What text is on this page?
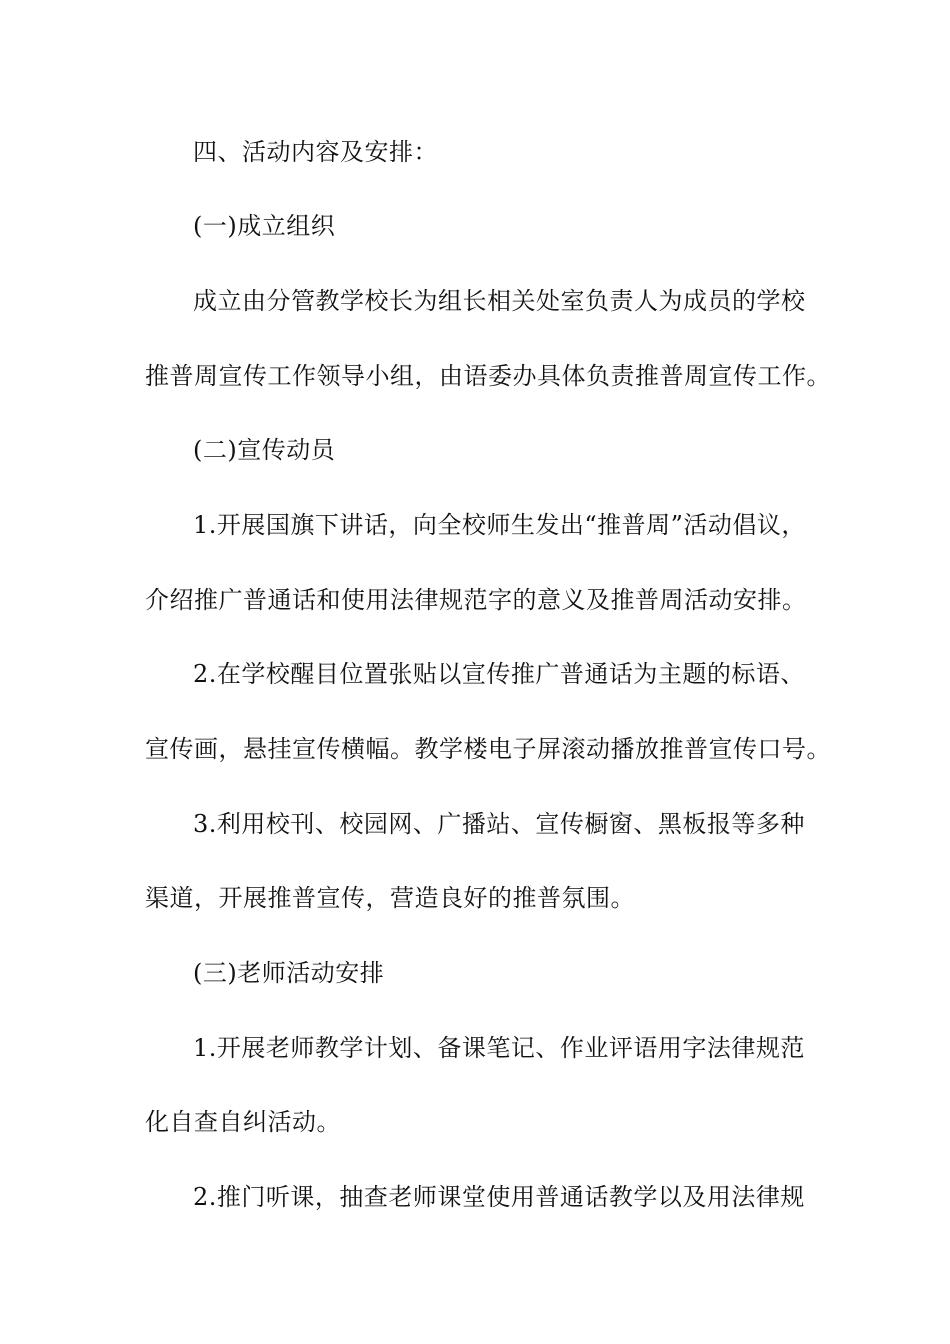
四、活动内容及安排：
(一)成立组织
成立由分管教学校长为组长相关处室负责人为成员的学校
推普周宣传工作领导小组，由语委办具体负责推普周宣传工作。
(二)宣传动员
1.开展国旗下讲话，向全校师生发出“推普周”活动倡议，
介绍推广普通话和使用法律规范字的意义及推普周活动安排。
2.在学校醒目位置张贴以宣传推广普通话为主题的标语、
宣传画，悬挂宣传横幅。教学楼电子屏滚动播放推普宣传口号。
3.利用校刊、校园网、广播站、宣传橱窗、黑板报等多种
渠道，开展推普宣传，营造良好的推普氛围。
(三)老师活动安排
1.开展老师教学计划、备课笔记、作业评语用字法律规范
化自查自纠活动。
2.推门听课，抽查老师课堂使用普通话教学以及用法律规
